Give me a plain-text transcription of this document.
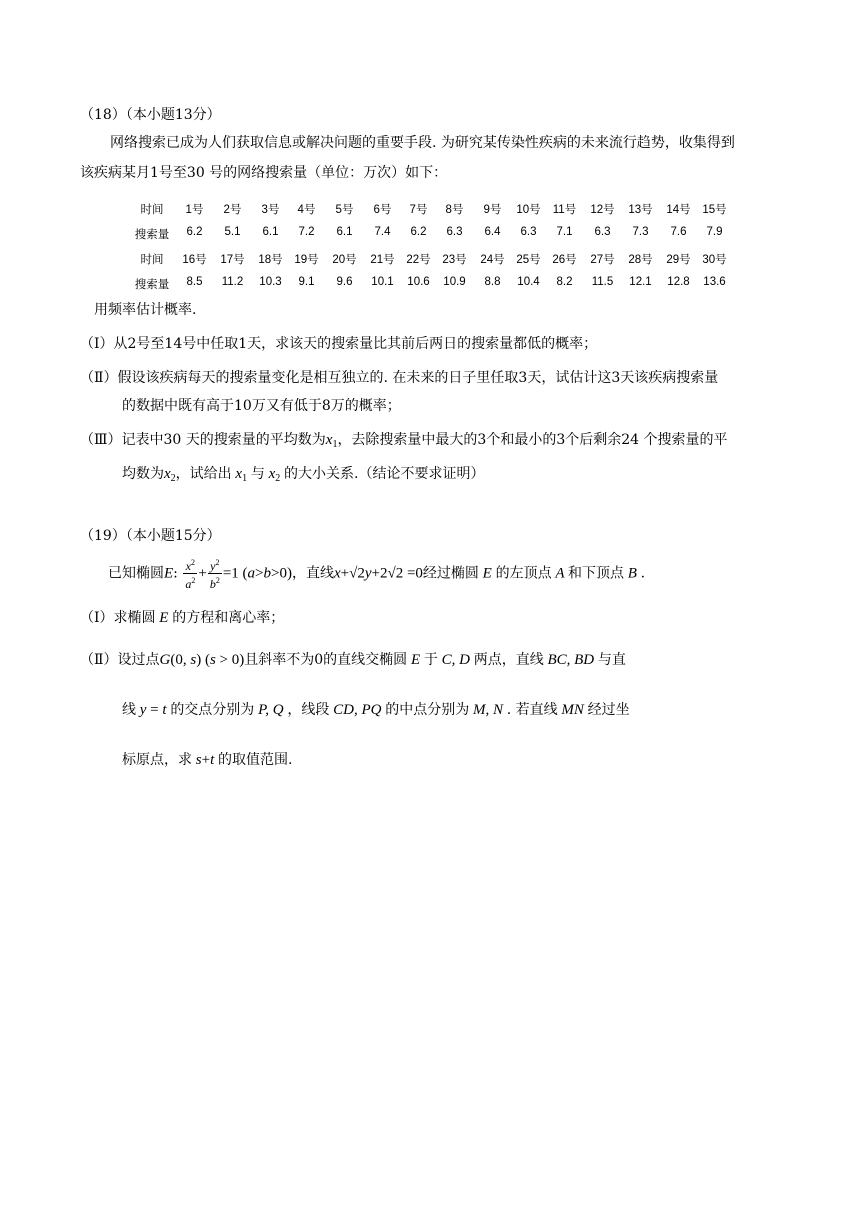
（18）（本小题13分）
网络搜索已成为人们获取信息或解决问题的重要手段. 为研究某传染性疾病的未来流行趋势，收集得到
该疾病某月1号至30 号的网络搜索量（单位：万次）如下：
时间	1号	2号	3号	4号	5号	6号	7号	8号	9号	10号	11号	12号	13号	14号	15号
搜索量	6.2	5.1	6.1	7.2	6.1	7.4	6.2	6.3	6.4	6.3	7.1	6.3	7.3	7.6	7.9
时间	16号	17号	18号	19号	20号	21号	22号	23号	24号	25号	26号	27号	28号	29号	30号
搜索量	8.5	11.2	10.3	9.1	9.6	10.1	10.6	10.9	8.8	10.4	8.2	11.5	12.1	12.8	13.6
用频率估计概率.
（Ⅰ）从2号至14号中任取1天，求该天的搜索量比其前后两日的搜索量都低的概率；
（Ⅱ）假设该疾病每天的搜索量变化是相互独立的. 在未来的日子里任取3天，试估计这3天该疾病搜索量
的数据中既有高于10万又有低于8万的概率；
（Ⅲ）记表中30 天的搜索量的平均数为$x_1$，去除搜索量中最大的3个和最小的3个后剩余24 个搜索量的平
均数为$x_2$，试给出 $x_1$ 与 $x_2$ 的大小关系.（结论不要求证明）
（19）（本小题15分）
已知椭圆E: $\frac{x^2}{a^2} + \frac{y^2}{b^2} =1$ (a>b>0)，直线x+√2y+2√2 =0经过椭圆 E 的左顶点 A 和下顶点 B .
（Ⅰ）求椭圆 E 的方程和离心率；
（Ⅱ）设过点G(0, s) (s > 0)且斜率不为0的直线交椭圆 E 于 C, D 两点，直线 BC, BD 与直
线 y = t 的交点分别为 P, Q ，线段 CD, PQ 的中点分别为 M, N . 若直线 MN 经过坐
标原点，求 s+t 的取值范围.
